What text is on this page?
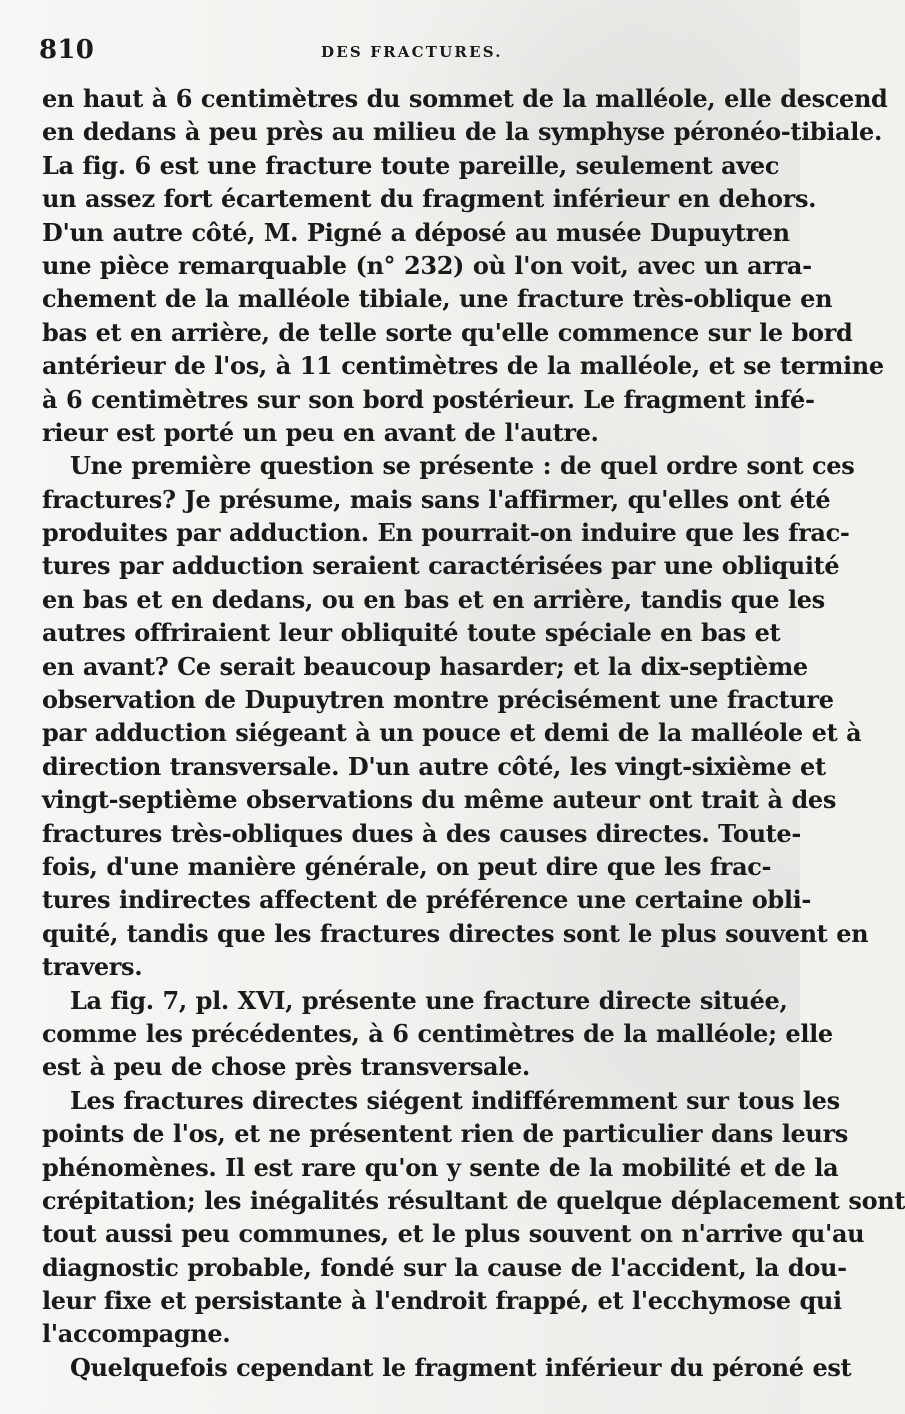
810	DES FRACTURES.
en haut à 6 centimètres du sommet de la malléole, elle descend
en dedans à peu près au milieu de la symphyse péronéo-tibiale.
La fig. 6 est une fracture toute pareille, seulement avec
un assez fort écartement du fragment inférieur en dehors.
D'un autre côté, M. Pigné a déposé au musée Dupuytren
une pièce remarquable (n° 232) où l'on voit, avec un arra-
chement de la malléole tibiale, une fracture très-oblique en
bas et en arrière, de telle sorte qu'elle commence sur le bord
antérieur de l'os, à 11 centimètres de la malléole, et se termine
à 6 centimètres sur son bord postérieur. Le fragment infé-
rieur est porté un peu en avant de l'autre.
Une première question se présente : de quel ordre sont ces
fractures? Je présume, mais sans l'affirmer, qu'elles ont été
produites par adduction. En pourrait-on induire que les frac-
tures par adduction seraient caractérisées par une obliquité
en bas et en dedans, ou en bas et en arrière, tandis que les
autres offriraient leur obliquité toute spéciale en bas et
en avant? Ce serait beaucoup hasarder; et la dix-septième
observation de Dupuytren montre précisément une fracture
par adduction siégeant à un pouce et demi de la malléole et à
direction transversale. D'un autre côté, les vingt-sixième et
vingt-septième observations du même auteur ont trait à des
fractures très-obliques dues à des causes directes. Toute-
fois, d'une manière générale, on peut dire que les frac-
tures indirectes affectent de préférence une certaine obli-
quité, tandis que les fractures directes sont le plus souvent en
travers.
La fig. 7, pl. XVI, présente une fracture directe située,
comme les précédentes, à 6 centimètres de la malléole; elle
est à peu de chose près transversale.
Les fractures directes siégent indifféremment sur tous les
points de l'os, et ne présentent rien de particulier dans leurs
phénomènes. Il est rare qu'on y sente de la mobilité et de la
crépitation; les inégalités résultant de quelque déplacement sont
tout aussi peu communes, et le plus souvent on n'arrive qu'au
diagnostic probable, fondé sur la cause de l'accident, la dou-
leur fixe et persistante à l'endroit frappé, et l'ecchymose qui
l'accompagne.
Quelquefois cependant le fragment inférieur du péroné est
